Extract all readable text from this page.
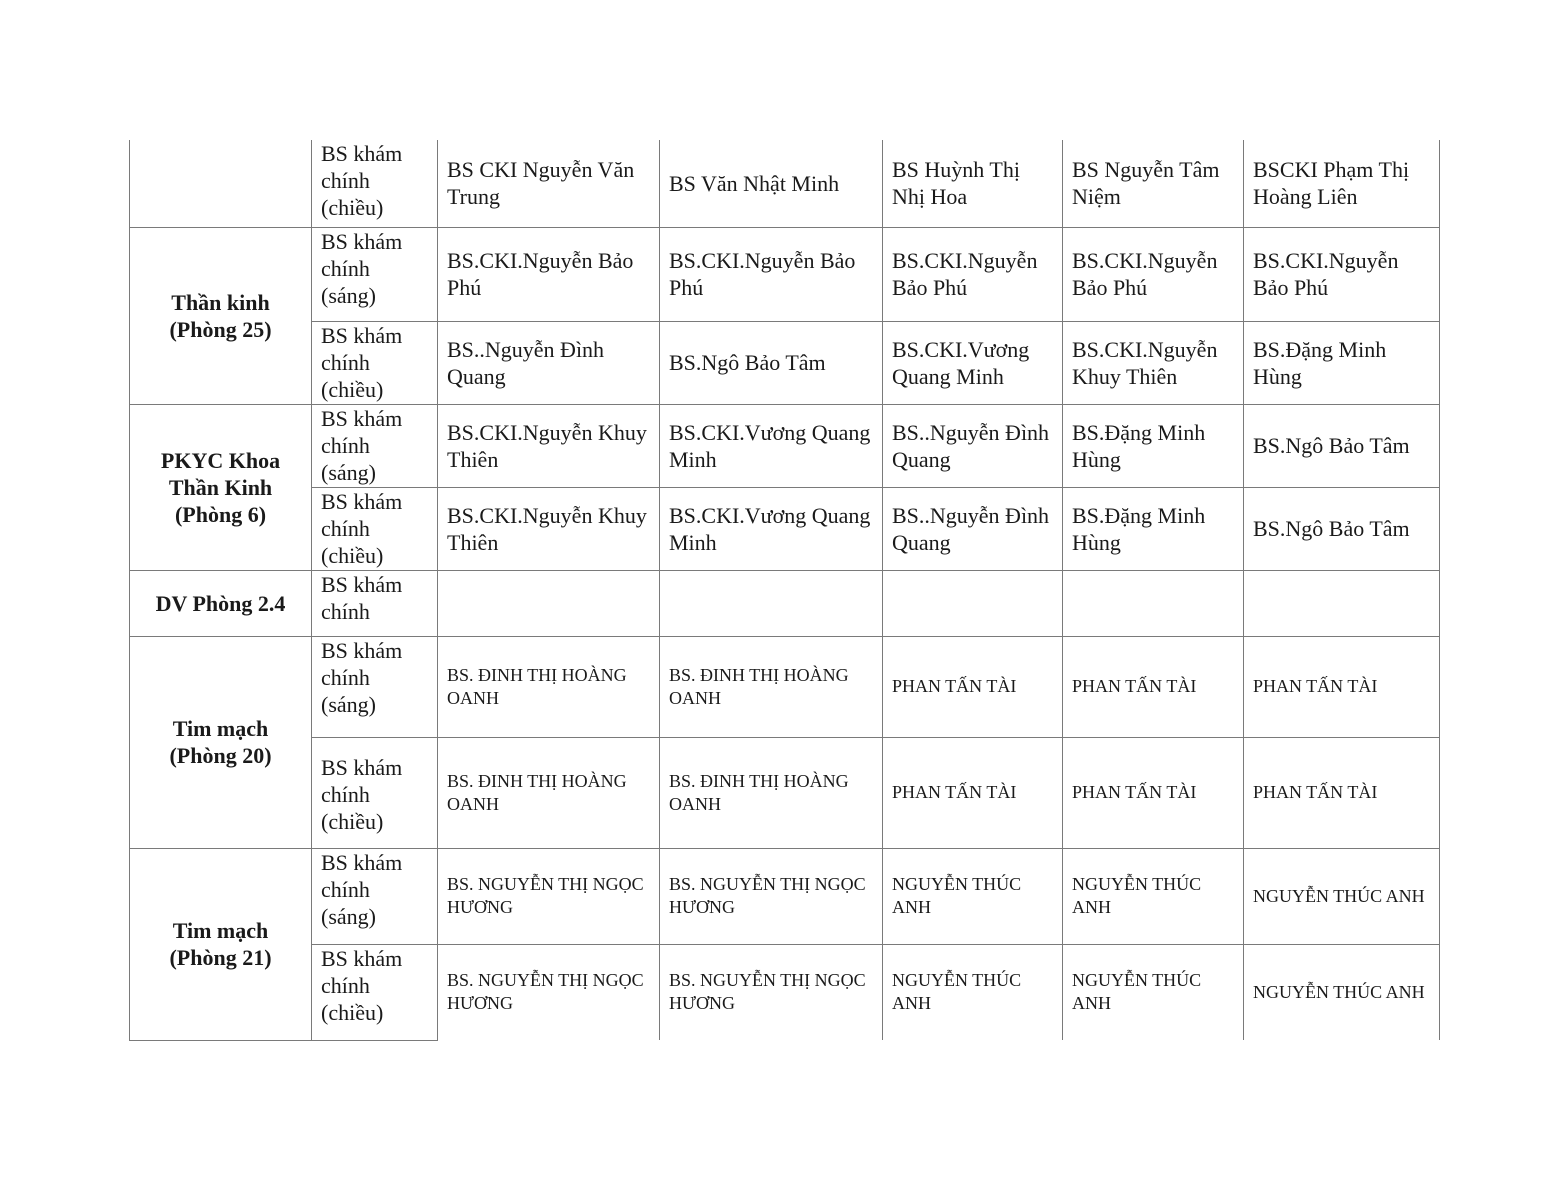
	BS khám
chính
(chiều)	BS CKI Nguyễn Văn Trung	BS Văn Nhật Minh	BS Huỳnh Thị Nhị Hoa	BS Nguyễn Tâm Niệm	BSCKI Phạm Thị Hoàng Liên
Thần kinh
(Phòng 25)	BS khám
chính
(sáng)	BS.CKI.Nguyễn Bảo Phú	BS.CKI.Nguyễn Bảo Phú	BS.CKI.Nguyễn Bảo Phú	BS.CKI.Nguyễn Bảo Phú	BS.CKI.Nguyễn Bảo Phú
	BS khám
chính
(chiều)	BS..Nguyễn Đình Quang	BS.Ngô Bảo Tâm	BS.CKI.Vương Quang Minh	BS.CKI.Nguyễn Khuy Thiên	BS.Đặng Minh Hùng
PKYC Khoa
Thần Kinh
(Phòng 6)	BS khám
chính
(sáng)	BS.CKI.Nguyễn Khuy Thiên	BS.CKI.Vương Quang Minh	BS..Nguyễn Đình Quang	BS.Đặng Minh Hùng	BS.Ngô Bảo Tâm
	BS khám
chính
(chiều)	BS.CKI.Nguyễn Khuy Thiên	BS.CKI.Vương Quang Minh	BS..Nguyễn Đình Quang	BS.Đặng Minh Hùng	BS.Ngô Bảo Tâm
DV Phòng 2.4	BS khám
chính					
Tim mạch
(Phòng 20)	BS khám
chính
(sáng)	BS. ĐINH THỊ HOÀNG OANH	BS. ĐINH THỊ HOÀNG OANH	PHAN TẤN TÀI	PHAN TẤN TÀI	PHAN TẤN TÀI
	BS khám
chính
(chiều)	BS. ĐINH THỊ HOÀNG OANH	BS. ĐINH THỊ HOÀNG OANH	PHAN TẤN TÀI	PHAN TẤN TÀI	PHAN TẤN TÀI
Tim mạch
(Phòng 21)	BS khám
chính
(sáng)	BS. NGUYỄN THỊ NGỌC HƯƠNG	BS. NGUYỄN THỊ NGỌC HƯƠNG	NGUYỄN THÚC ANH	NGUYỄN THÚC ANH	NGUYỄN THÚC ANH
	BS khám
chính
(chiều)	BS. NGUYỄN THỊ NGỌC HƯƠNG	BS. NGUYỄN THỊ NGỌC HƯƠNG	NGUYỄN THÚC ANH	NGUYỄN THÚC ANH	NGUYỄN THÚC ANH
